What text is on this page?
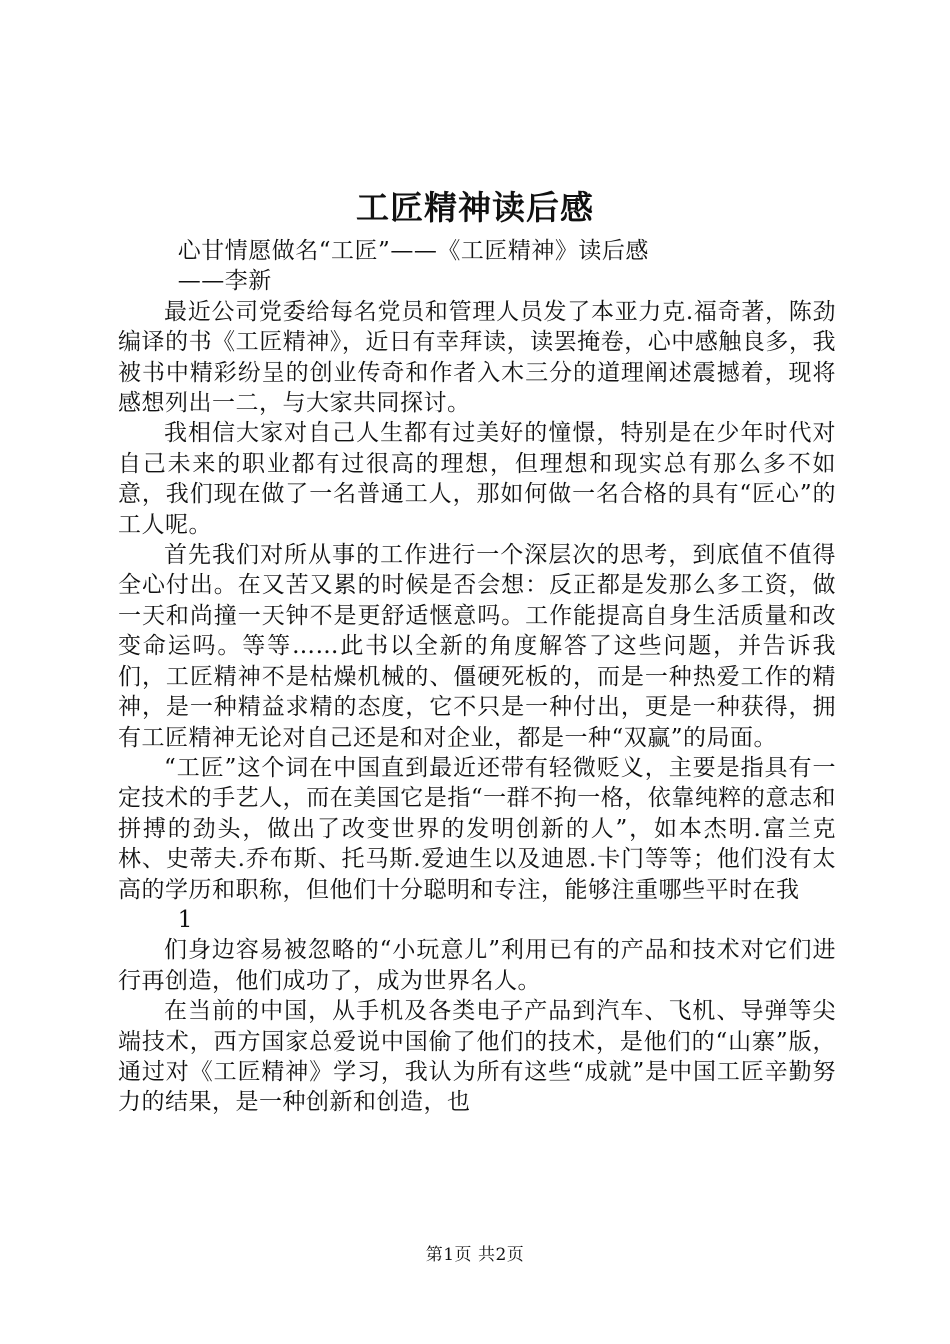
工匠精神读后感

心甘情愿做名“工匠”——《工匠精神》读后感

——李新

最近公司党委给每名党员和管理人员发了本亚力克.福奇著，陈劲编译的书《工匠精神》，近日有幸拜读，读罢掩卷，心中感触良多，我被书中精彩纷呈的创业传奇和作者入木三分的道理阐述震撼着，现将感想列出一二，与大家共同探讨。

我相信大家对自己人生都有过美好的憧憬，特别是在少年时代对自己未来的职业都有过很高的理想，但理想和现实总有那么多不如意，我们现在做了一名普通工人，那如何做一名合格的具有“匠心”的工人呢。

首先我们对所从事的工作进行一个深层次的思考，到底值不值得全心付出。在又苦又累的时候是否会想：反正都是发那么多工资，做一天和尚撞一天钟不是更舒适惬意吗。工作能提高自身生活质量和改变命运吗。等等……此书以全新的角度解答了这些问题，并告诉我们，工匠精神不是枯燥机械的、僵硬死板的，而是一种热爱工作的精神，是一种精益求精的态度，它不只是一种付出，更是一种获得，拥有工匠精神无论对自己还是和对企业，都是一种“双赢”的局面。

“工匠”这个词在中国直到最近还带有轻微贬义，主要是指具有一定技术的手艺人，而在美国它是指“一群不拘一格，依靠纯粹的意志和拼搏的劲头，做出了改变世界的发明创新的人”，如本杰明.富兰克林、史蒂夫.乔布斯、托马斯.爱迪生以及迪恩.卡门等等；他们没有太高的学历和职称，但他们十分聪明和专注，能够注重哪些平时在我

1

们身边容易被忽略的“小玩意儿”利用已有的产品和技术对它们进行再创造，他们成功了，成为世界名人。

在当前的中国，从手机及各类电子产品到汽车、飞机、导弹等尖端技术，西方国家总爱说中国偷了他们的技术，是他们的“山寨”版，通过对《工匠精神》学习，我认为所有这些“成就”是中国工匠辛勤努力的结果，是一种创新和创造，也

第1页 共2页
